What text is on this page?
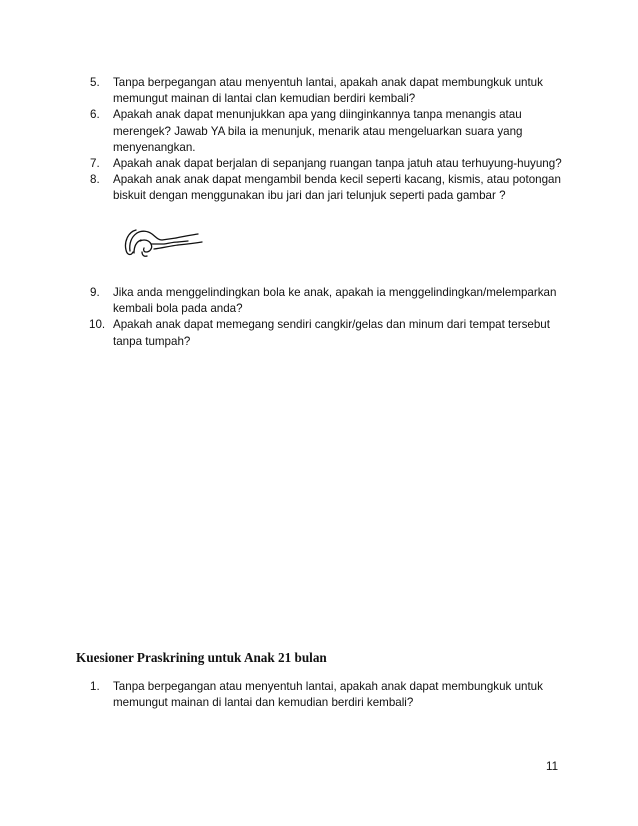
5. Tanpa berpegangan atau menyentuh lantai, apakah anak dapat membungkuk untuk memungut mainan di lantai clan kemudian berdiri kembali?
6. Apakah anak dapat menunjukkan apa yang diinginkannya tanpa menangis atau merengek? Jawab YA bila ia menunjuk, menarik atau mengeluarkan suara yang menyenangkan.
7. Apakah anak dapat berjalan di sepanjang ruangan tanpa jatuh atau terhuyung-huyung?
8. Apakah anak anak dapat mengambil benda kecil seperti kacang, kismis, atau potongan biskuit dengan menggunakan ibu jari dan jari telunjuk seperti pada gambar ?
9. Jika anda menggelindingkan bola ke anak, apakah ia menggelindingkan/melemparkan kembali bola pada anda?
10. Apakah anak dapat memegang sendiri cangkir/gelas dan minum dari tempat tersebut tanpa tumpah?
Kuesioner Praskrining untuk Anak 21 bulan
1. Tanpa berpegangan atau menyentuh lantai, apakah anak dapat membungkuk untuk memungut mainan di lantai dan kemudian berdiri kembali?
11
